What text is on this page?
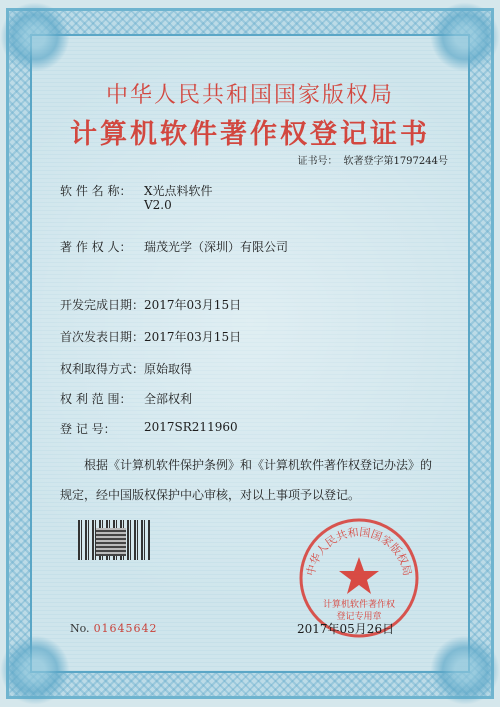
中华人民共和国国家版权局
计算机软件著作权登记证书
证书号： 软著登字第1797244号
软 件 名 称：	X光点料软件
V2.0
著 作 权 人：	瑞茂光学（深圳）有限公司
开发完成日期： 2017年03月15日
首次发表日期： 2017年03月15日
权利取得方式： 原始取得
权 利 范 围：	全部权利
登 记 号：	2017SR211960

根据《计算机软件保护条例》和《计算机软件著作权登记办法》的

规定，经中国版权保护中心审核，对以上事项予以登记。

No. 01645642
中华人民共和国国家版权局
计算机软件著作权
登记专用章
2017年05月26日
